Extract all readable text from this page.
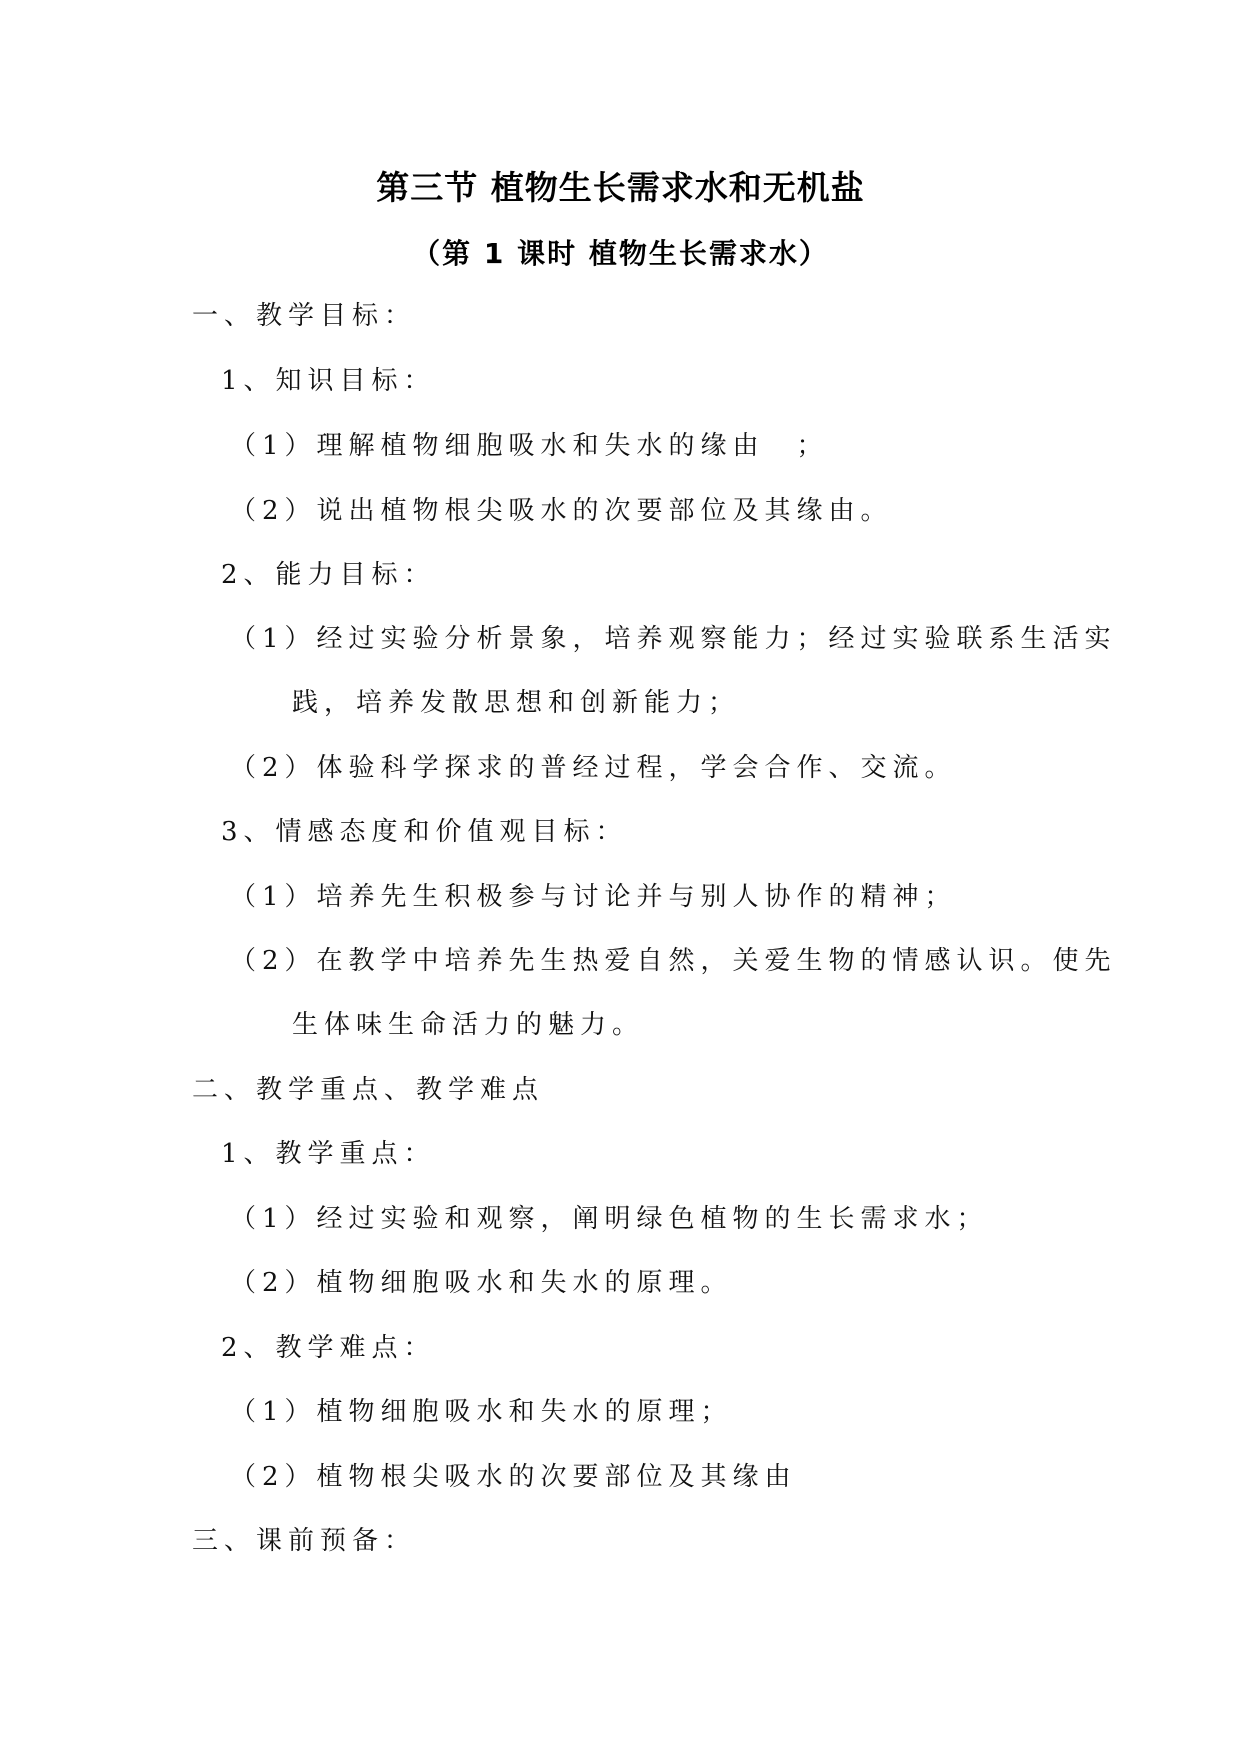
第三节 植物生长需求水和无机盐
（第 1 课时 植物生长需求水）
一、教学目标：
1、知识目标：
（1）理解植物细胞吸水和失水的缘由　；
（2）说出植物根尖吸水的次要部位及其缘由。
2、能力目标：
（1）经过实验分析景象，培养观察能力；经过实验联系生活实
践，培养发散思想和创新能力；
（2）体验科学探求的普经过程，学会合作、交流。
3、情感态度和价值观目标：
（1）培养先生积极参与讨论并与别人协作的精神；
（2）在教学中培养先生热爱自然，关爱生物的情感认识。使先
生体味生命活力的魅力。
二、教学重点、教学难点
1、教学重点：
（1）经过实验和观察，阐明绿色植物的生长需求水；
（2）植物细胞吸水和失水的原理。
2、教学难点：
（1）植物细胞吸水和失水的原理；
（2）植物根尖吸水的次要部位及其缘由
三、课前预备：
